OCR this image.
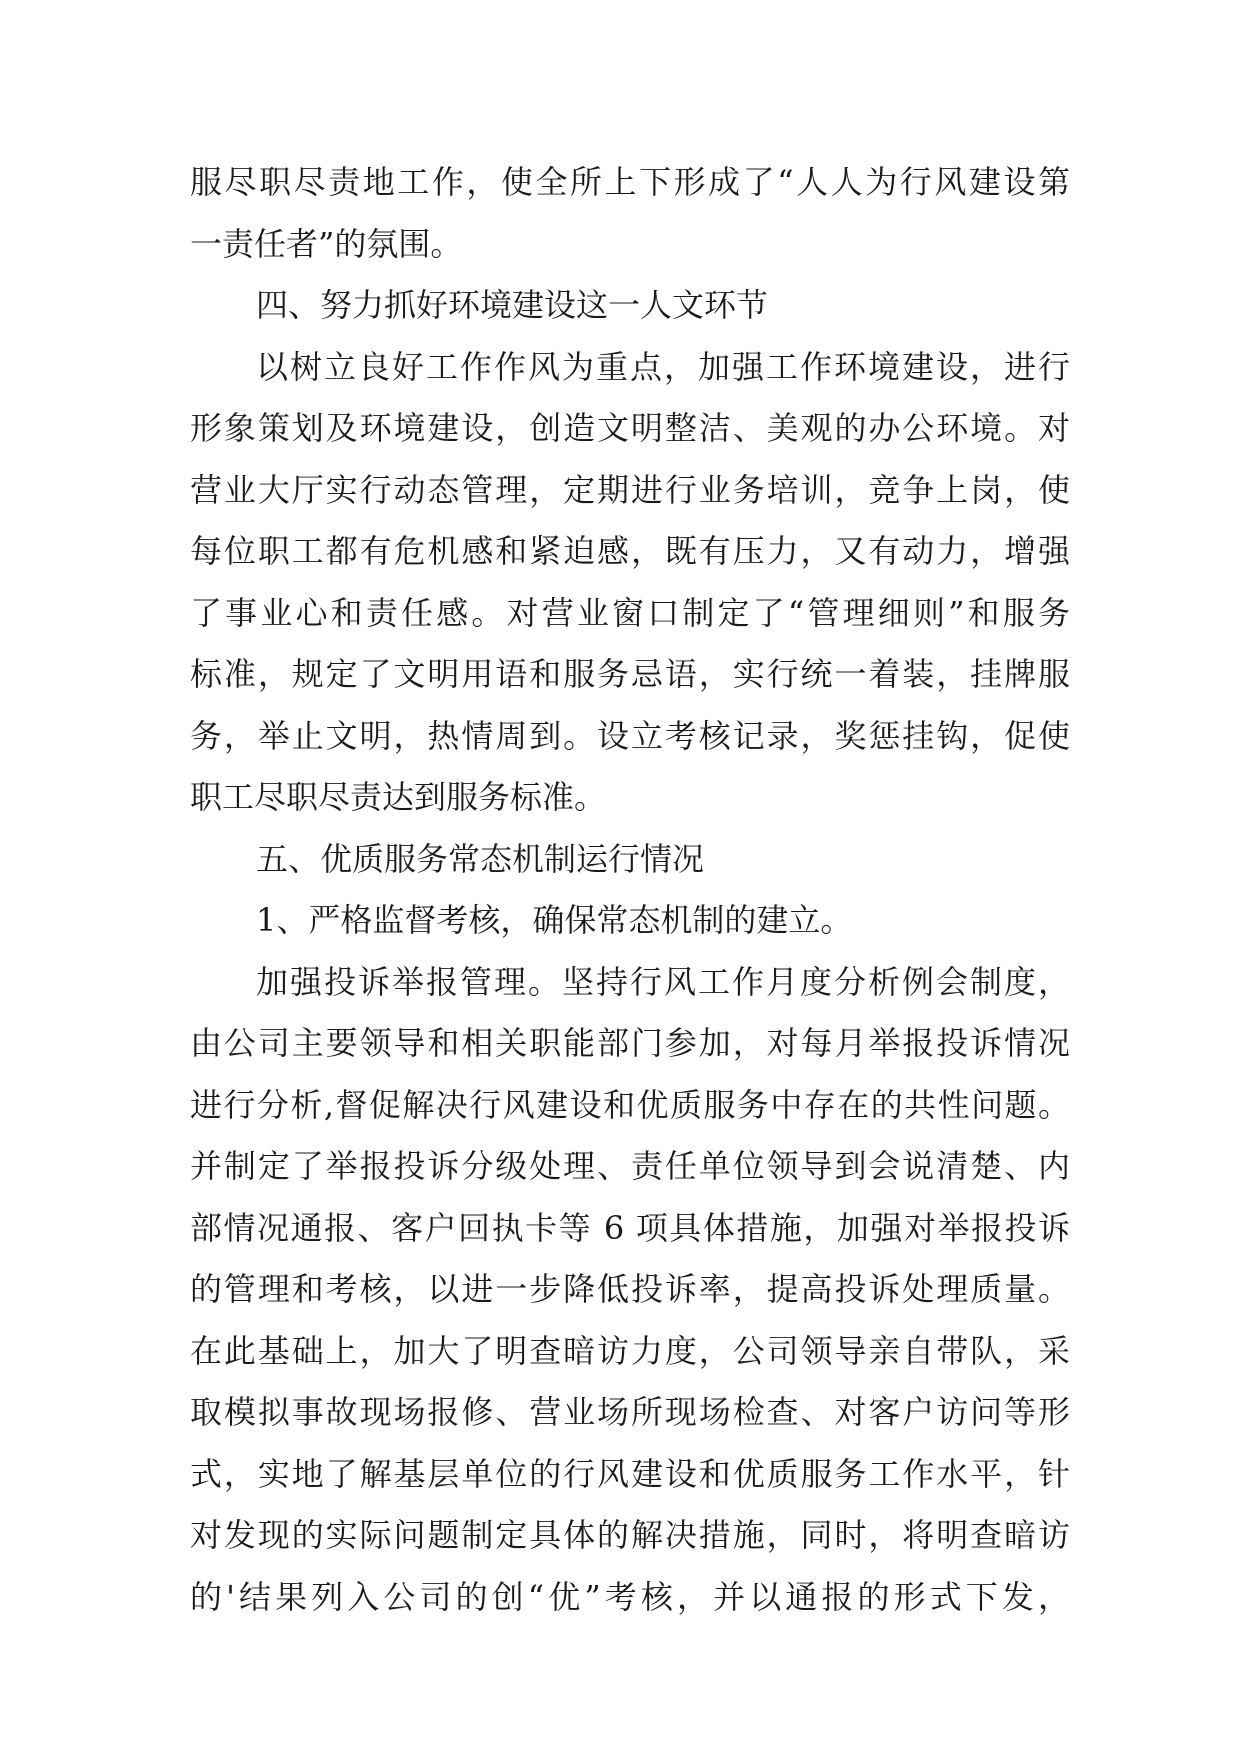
服尽职尽责地工作，使全所上下形成了“人人为行风建设第
一责任者”的氛围。
四、努力抓好环境建设这一人文环节
以树立良好工作作风为重点，加强工作环境建设，进行
形象策划及环境建设，创造文明整洁、美观的办公环境。对
营业大厅实行动态管理，定期进行业务培训，竞争上岗，使
每位职工都有危机感和紧迫感，既有压力，又有动力，增强
了事业心和责任感。对营业窗口制定了“管理细则”和服务
标准，规定了文明用语和服务忌语，实行统一着装，挂牌服
务，举止文明，热情周到。设立考核记录，奖惩挂钩，促使
职工尽职尽责达到服务标准。
五、优质服务常态机制运行情况
1、严格监督考核，确保常态机制的建立。
加强投诉举报管理。坚持行风工作月度分析例会制度，
由公司主要领导和相关职能部门参加，对每月举报投诉情况
进行分析,督促解决行风建设和优质服务中存在的共性问题。
并制定了举报投诉分级处理、责任单位领导到会说清楚、内
部情况通报、客户回执卡等 6 项具体措施，加强对举报投诉
的管理和考核，以进一步降低投诉率，提高投诉处理质量。
在此基础上，加大了明查暗访力度，公司领导亲自带队，采
取模拟事故现场报修、营业场所现场检查、对客户访问等形
式，实地了解基层单位的行风建设和优质服务工作水平，针
对发现的实际问题制定具体的解决措施，同时，将明查暗访
的'结果列入公司的创“优”考核，并以通报的形式下发，
